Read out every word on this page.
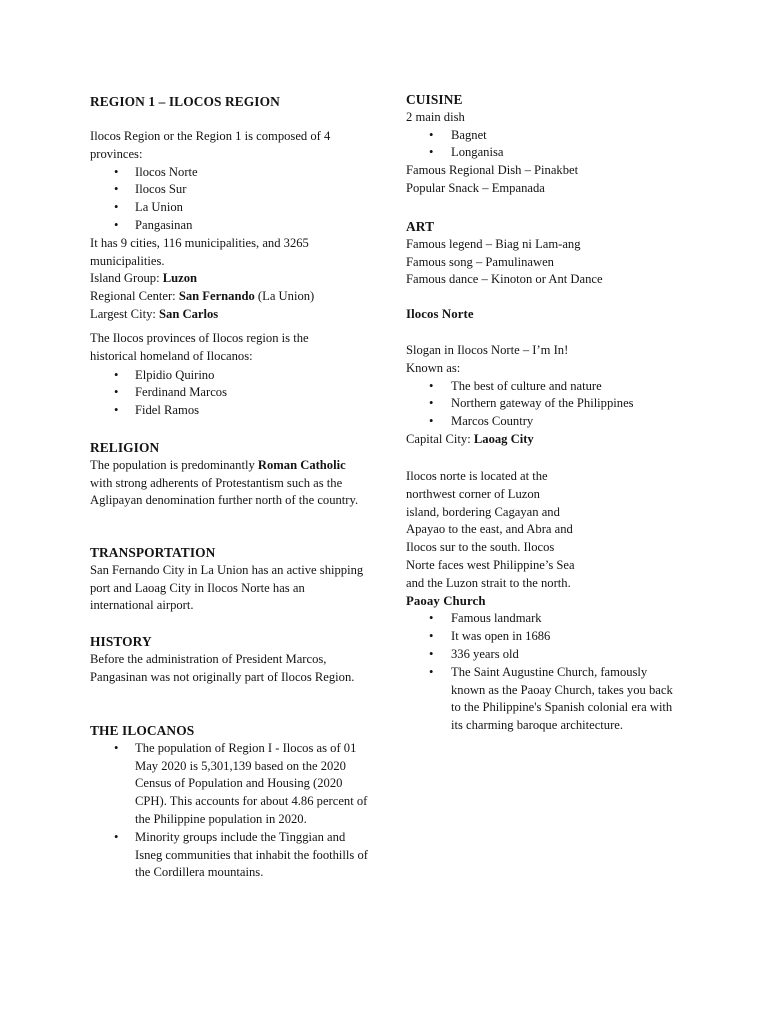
REGION 1 – ILOCOS REGION

Ilocos Region or the Region 1 is composed of 4 provinces:

• Ilocos Norte
• Ilocos Sur
• La Union
• Pangasinan

It has 9 cities, 116 municipalities, and 3265 municipalities.

Island Group: Luzon

Regional Center: San Fernando (La Union)

Largest City: San Carlos

The Ilocos provinces of Ilocos region is the historical homeland of Ilocanos:

• Elpidio Quirino
• Ferdinand Marcos
• Fidel Ramos
RELIGION

The population is predominantly Roman Catholic with strong adherents of Protestantism such as the Aglipayan denomination further north of the country.

TRANSPORTATION

San Fernando City in La Union has an active shipping port and Laoag City in Ilocos Norte has an international airport.

HISTORY

Before the administration of President Marcos, Pangasinan was not originally part of Ilocos Region.

THE ILOCANOS
• The population of Region I - Ilocos as of 01 May 2020 is 5,301,139 based on the 2020 Census of Population and Housing (2020 CPH). This accounts for about 4.86 percent of the Philippine population in 2020.
• Minority groups include the Tinggian and Isneg communities that inhabit the foothills of the Cordillera mountains.
CUISINE

2 main dish

• Bagnet
• Longanisa

Famous Regional Dish – Pinakbet

Popular Snack – Empanada

ART

Famous legend – Biag ni Lam-ang

Famous song – Pamulinawen

Famous dance – Kinoton or Ant Dance

Ilocos Norte

Slogan in Ilocos Norte – I’m In!

Known as:

• The best of culture and nature
• Northern gateway of the Philippines
• Marcos Country

Capital City: Laoag City

Ilocos norte is located at the

northwest corner of Luzon

island, bordering Cagayan and

Apayao to the east, and Abra and

Ilocos sur to the south. Ilocos

Norte faces west Philippine’s Sea

and the Luzon strait to the north.

Paoay Church
• Famous landmark
• It was open in 1686
• 336 years old
• The Saint Augustine Church, famously known as the Paoay Church, takes you back to the Philippine's Spanish colonial era with its charming baroque architecture.
